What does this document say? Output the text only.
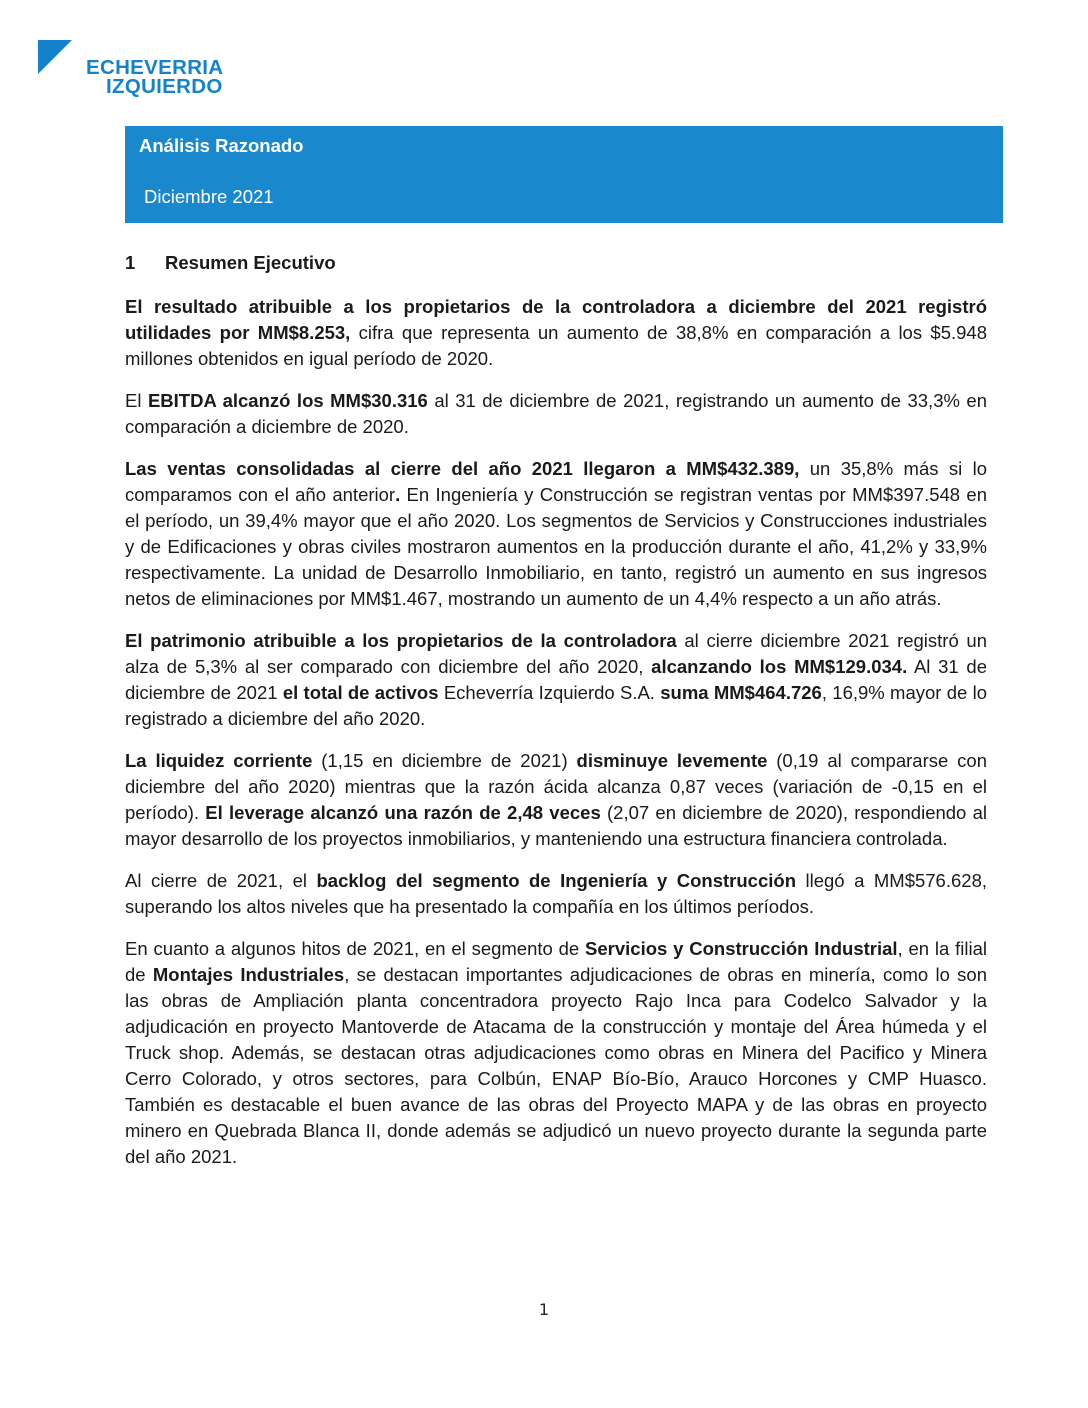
ECHEVERRIA
IZQUIERDO
Análisis Razonado
Diciembre 2021
1 Resumen Ejecutivo

El resultado atribuible a los propietarios de la controladora a diciembre del 2021 registró utilidades por MM$8.253, cifra que representa un aumento de 38,8% en comparación a los $5.948 millones obtenidos en igual período de 2020.

El EBITDA alcanzó los MM$30.316 al 31 de diciembre de 2021, registrando un aumento de 33,3% en comparación a diciembre de 2020.

Las ventas consolidadas al cierre del año 2021 llegaron a MM$432.389, un 35,8% más si lo comparamos con el año anterior. En Ingeniería y Construcción se registran ventas por MM$397.548 en el período, un 39,4% mayor que el año 2020. Los segmentos de Servicios y Construcciones industriales y de Edificaciones y obras civiles mostraron aumentos en la producción durante el año, 41,2% y 33,9% respectivamente. La unidad de Desarrollo Inmobiliario, en tanto, registró un aumento en sus ingresos netos de eliminaciones por MM$1.467, mostrando un aumento de un 4,4% respecto a un año atrás.

El patrimonio atribuible a los propietarios de la controladora al cierre diciembre 2021 registró un alza de 5,3% al ser comparado con diciembre del año 2020, alcanzando los MM$129.034. Al 31 de diciembre de 2021 el total de activos Echeverría Izquierdo S.A. suma MM$464.726, 16,9% mayor de lo registrado a diciembre del año 2020.

La liquidez corriente (1,15 en diciembre de 2021) disminuye levemente (0,19 al compararse con diciembre del año 2020) mientras que la razón ácida alcanza 0,87 veces (variación de -0,15 en el período). El leverage alcanzó una razón de 2,48 veces (2,07 en diciembre de 2020), respondiendo al mayor desarrollo de los proyectos inmobiliarios, y manteniendo una estructura financiera controlada.

Al cierre de 2021, el backlog del segmento de Ingeniería y Construcción llegó a MM$576.628, superando los altos niveles que ha presentado la compañía en los últimos períodos.

En cuanto a algunos hitos de 2021, en el segmento de Servicios y Construcción Industrial, en la filial de Montajes Industriales, se destacan importantes adjudicaciones de obras en minería, como lo son las obras de Ampliación planta concentradora proyecto Rajo Inca para Codelco Salvador y la adjudicación en proyecto Mantoverde de Atacama de la construcción y montaje del Área húmeda y el Truck shop. Además, se destacan otras adjudicaciones como obras en Minera del Pacifico y Minera Cerro Colorado, y otros sectores, para Colbún, ENAP Bío-Bío, Arauco Horcones y CMP Huasco. También es destacable el buen avance de las obras del Proyecto MAPA y de las obras en proyecto minero en Quebrada Blanca II, donde además se adjudicó un nuevo proyecto durante la segunda parte del año 2021.

1
